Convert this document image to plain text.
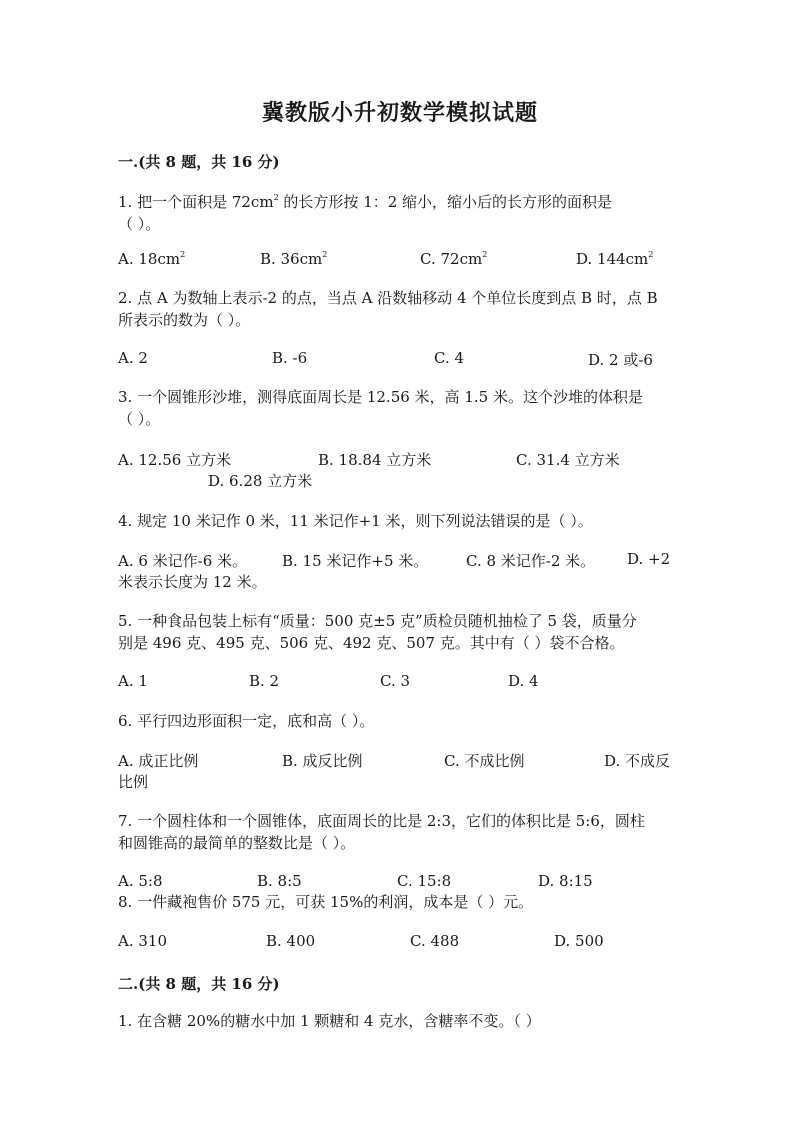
冀教版小升初数学模拟试题
一.(共 8 题，共 16 分)
1. 把一个面积是 $72cm^2$ 的长方形按 1：2 缩小，缩小后的长方形的面积是
（ ）。
A. $18cm^2$	B. $36cm^2$	C. $72cm^2$	D. $144cm^2$
2. 点 A 为数轴上表示-2 的点，当点 A 沿数轴移动 4 个单位长度到点 B 时，点 B
所表示的数为（ ）。
A. 2	B. -6	C. 4	D. 2 或-6
3. 一个圆锥形沙堆，测得底面周长是 12.56 米，高 1.5 米。这个沙堆的体积是
（ ）。
A. 12.56 立方米	B. 18.84 立方米	C. 31.4 立方米
D. 6.28 立方米
4. 规定 10 米记作 0 米，11 米记作+1 米，则下列说法错误的是（ ）。
A. 6 米记作-6 米。 B. 15 米记作+5 米。	C. 8 米记作-2 米。 D. +2
米表示长度为 12 米。
5. 一种食品包装上标有“质量：500 克±5 克”质检员随机抽检了 5 袋，质量分
别是 496 克、495 克、506 克、492 克、507 克。其中有（ ）袋不合格。
A. 1	B. 2	C. 3	D. 4
6. 平行四边形面积一定，底和高（ ）。
A. 成正比例	B. 成反比例	C. 不成比例	D. 不成反
比例
7. 一个圆柱体和一个圆锥体，底面周长的比是 2:3，它们的体积比是 5:6，圆柱
和圆锥高的最简单的整数比是（ ）。
A. 5:8	B. 8:5	C. 15:8	D. 8:15
8. 一件藏袍售价 575 元，可获 15%的利润，成本是（ ）元。
A. 310	B. 400	C. 488	D. 500
二.(共 8 题，共 16 分)
1. 在含糖 20%的糖水中加 1 颗糖和 4 克水，含糖率不变。（ ）
